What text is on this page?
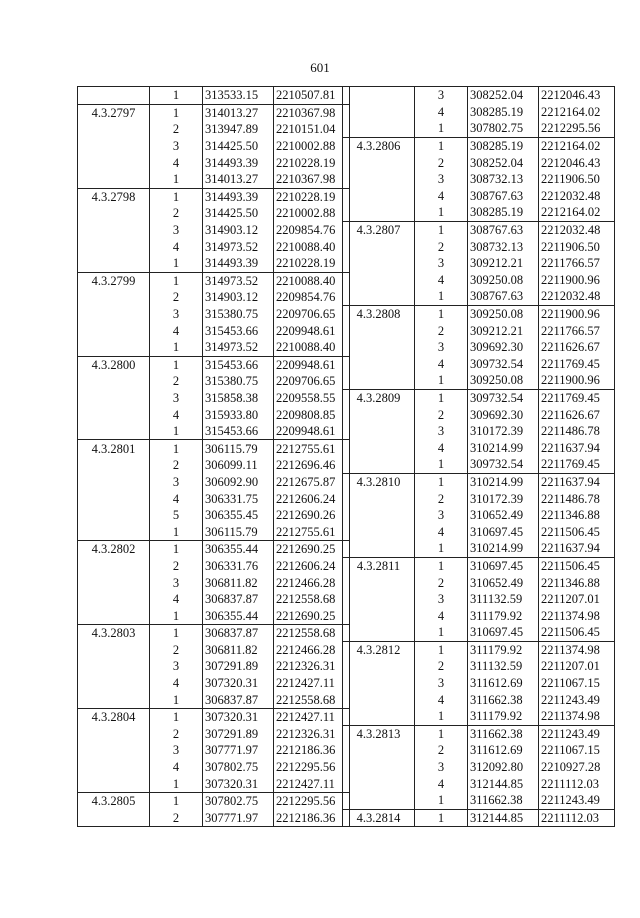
601
	1	313533.15	2210507.81
4.3.2797	1	314013.27	2210367.98
	2	313947.89	2210151.04
	3	314425.50	2210002.88
	4	314493.39	2210228.19
	1	314013.27	2210367.98
4.3.2798	1	314493.39	2210228.19
	2	314425.50	2210002.88
	3	314903.12	2209854.76
	4	314973.52	2210088.40
	1	314493.39	2210228.19
4.3.2799	1	314973.52	2210088.40
	2	314903.12	2209854.76
	3	315380.75	2209706.65
	4	315453.66	2209948.61
	1	314973.52	2210088.40
4.3.2800	1	315453.66	2209948.61
	2	315380.75	2209706.65
	3	315858.38	2209558.55
	4	315933.80	2209808.85
	1	315453.66	2209948.61
4.3.2801	1	306115.79	2212755.61
	2	306099.11	2212696.46
	3	306092.90	2212675.87
	4	306331.75	2212606.24
	5	306355.45	2212690.26
	1	306115.79	2212755.61
4.3.2802	1	306355.44	2212690.25
	2	306331.76	2212606.24
	3	306811.82	2212466.28
	4	306837.87	2212558.68
	1	306355.44	2212690.25
4.3.2803	1	306837.87	2212558.68
	2	306811.82	2212466.28
	3	307291.89	2212326.31
	4	307320.31	2212427.11
	1	306837.87	2212558.68
4.3.2804	1	307320.31	2212427.11
	2	307291.89	2212326.31
	3	307771.97	2212186.36
	4	307802.75	2212295.56
	1	307320.31	2212427.11
4.3.2805	1	307802.75	2212295.56
	2	307771.97	2212186.36
	3	308252.04	2212046.43
	4	308285.19	2212164.02
	1	307802.75	2212295.56
4.3.2806	1	308285.19	2212164.02
	2	308252.04	2212046.43
	3	308732.13	2211906.50
	4	308767.63	2212032.48
	1	308285.19	2212164.02
4.3.2807	1	308767.63	2212032.48
	2	308732.13	2211906.50
	3	309212.21	2211766.57
	4	309250.08	2211900.96
	1	308767.63	2212032.48
4.3.2808	1	309250.08	2211900.96
	2	309212.21	2211766.57
	3	309692.30	2211626.67
	4	309732.54	2211769.45
	1	309250.08	2211900.96
4.3.2809	1	309732.54	2211769.45
	2	309692.30	2211626.67
	3	310172.39	2211486.78
	4	310214.99	2211637.94
	1	309732.54	2211769.45
4.3.2810	1	310214.99	2211637.94
	2	310172.39	2211486.78
	3	310652.49	2211346.88
	4	310697.45	2211506.45
	1	310214.99	2211637.94
4.3.2811	1	310697.45	2211506.45
	2	310652.49	2211346.88
	3	311132.59	2211207.01
	4	311179.92	2211374.98
	1	310697.45	2211506.45
4.3.2812	1	311179.92	2211374.98
	2	311132.59	2211207.01
	3	311612.69	2211067.15
	4	311662.38	2211243.49
	1	311179.92	2211374.98
4.3.2813	1	311662.38	2211243.49
	2	311612.69	2211067.15
	3	312092.80	2210927.28
	4	312144.85	2211112.03
	1	311662.38	2211243.49
4.3.2814	1	312144.85	2211112.03
